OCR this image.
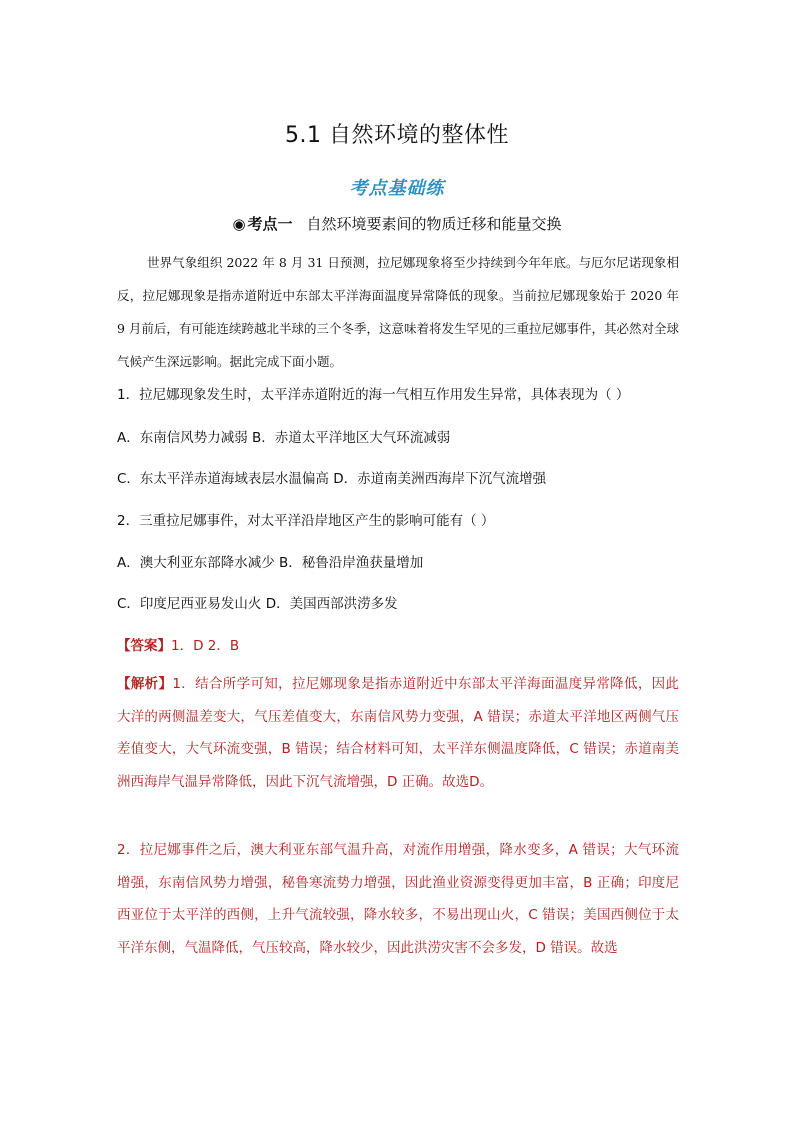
5.1 自然环境的整体性
考点基础练
◉ 考点一 自然环境要素间的物质迁移和能量交换
世界气象组织 2022 年 8 月 31 日预测，拉尼娜现象将至少持续到今年年底。与厄尔尼诺现象相反，拉尼娜现象是指赤道附近中东部太平洋海面温度异常降低的现象。当前拉尼娜现象始于 2020 年 9 月前后，有可能连续跨越北半球的三个冬季，这意味着将发生罕见的三重拉尼娜事件，其必然对全球气候产生深远影响。据此完成下面小题。
1．拉尼娜现象发生时，太平洋赤道附近的海一气相互作用发生异常，具体表现为（ ）
A．东南信风势力减弱 B．赤道太平洋地区大气环流减弱
C．东太平洋赤道海域表层水温偏高 D．赤道南美洲西海岸下沉气流增强
2．三重拉尼娜事件，对太平洋沿岸地区产生的影响可能有（ ）
A．澳大利亚东部降水减少 B．秘鲁沿岸渔获量增加
C．印度尼西亚易发山火 D．美国西部洪涝多发
【答案】1．D 2．B
【解析】1．结合所学可知，拉尼娜现象是指赤道附近中东部太平洋海面温度异常降低，因此大洋的两侧温差变大，气压差值变大，东南信风势力变强，A 错误；赤道太平洋地区两侧气压差值变大，大气环流变强，B 错误；结合材料可知，太平洋东侧温度降低，C 错误；赤道南美洲西海岸气温异常降低，因此下沉气流增强，D 正确。故选D。
2．拉尼娜事件之后，澳大利亚东部气温升高，对流作用增强，降水变多，A 错误；大气环流增强，东南信风势力增强，秘鲁寒流势力增强，因此渔业资源变得更加丰富，B 正确；印度尼西亚位于太平洋的西侧，上升气流较强，降水较多，不易出现山火，C 错误；美国西侧位于太平洋东侧，气温降低，气压较高，降水较少，因此洪涝灾害不会多发，D 错误。故选
